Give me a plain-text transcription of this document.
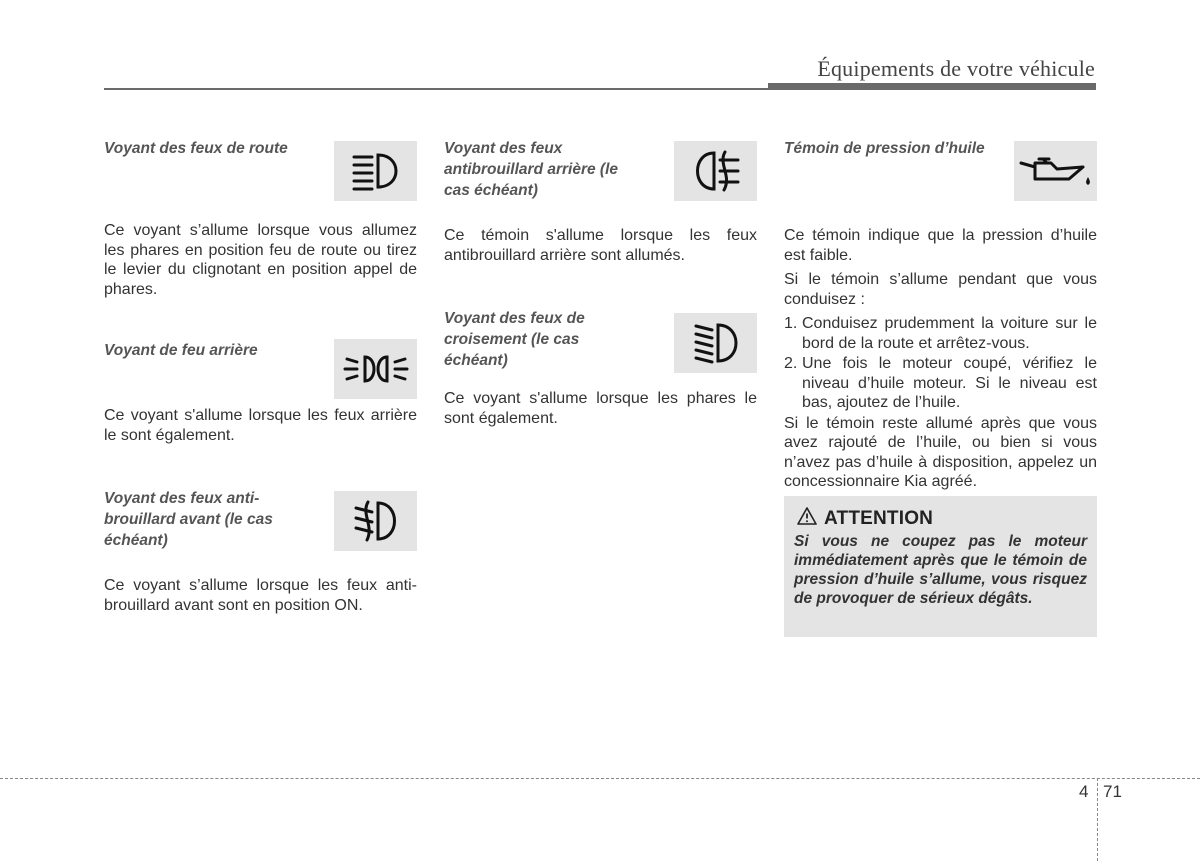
Équipements de votre véhicule
Voyant des feux de route
Ce voyant s’allume lorsque vous allumez les phares en position feu de route ou tirez le levier du clignotant en position appel de phares.
Voyant de feu arrière
Ce voyant s'allume lorsque les feux arrière le sont également.
Voyant des feux anti-brouillard avant (le cas échéant)
Ce voyant s’allume lorsque les feux anti-brouillard avant sont en position ON.
Voyant des feux antibrouillard arrière (le cas échéant)
Ce témoin s'allume lorsque les feux antibrouillard arrière sont allumés.
Voyant des feux de croisement (le cas échéant)
Ce voyant s'allume lorsque les phares le sont également.
Témoin de pression d’huile

Ce témoin indique que la pression d’huile est faible.

Si le témoin s’allume pendant que vous conduisez :

1. Conduisez prudemment la voiture sur le bord de la route et arrêtez-vous.
2. Une fois le moteur coupé, vérifiez le niveau d’huile moteur. Si le niveau est bas, ajoutez de l’huile.

Si le témoin reste allumé après que vous avez rajouté de l’huile, ou bien si vous n’avez pas d’huile à disposition, appelez un concessionnaire Kia agréé.

ATTENTION
Si vous ne coupez pas le moteur immédiatement après que le témoin de pression d’huile s’allume, vous risquez de provoquer de sérieux dégâts.
4 71
